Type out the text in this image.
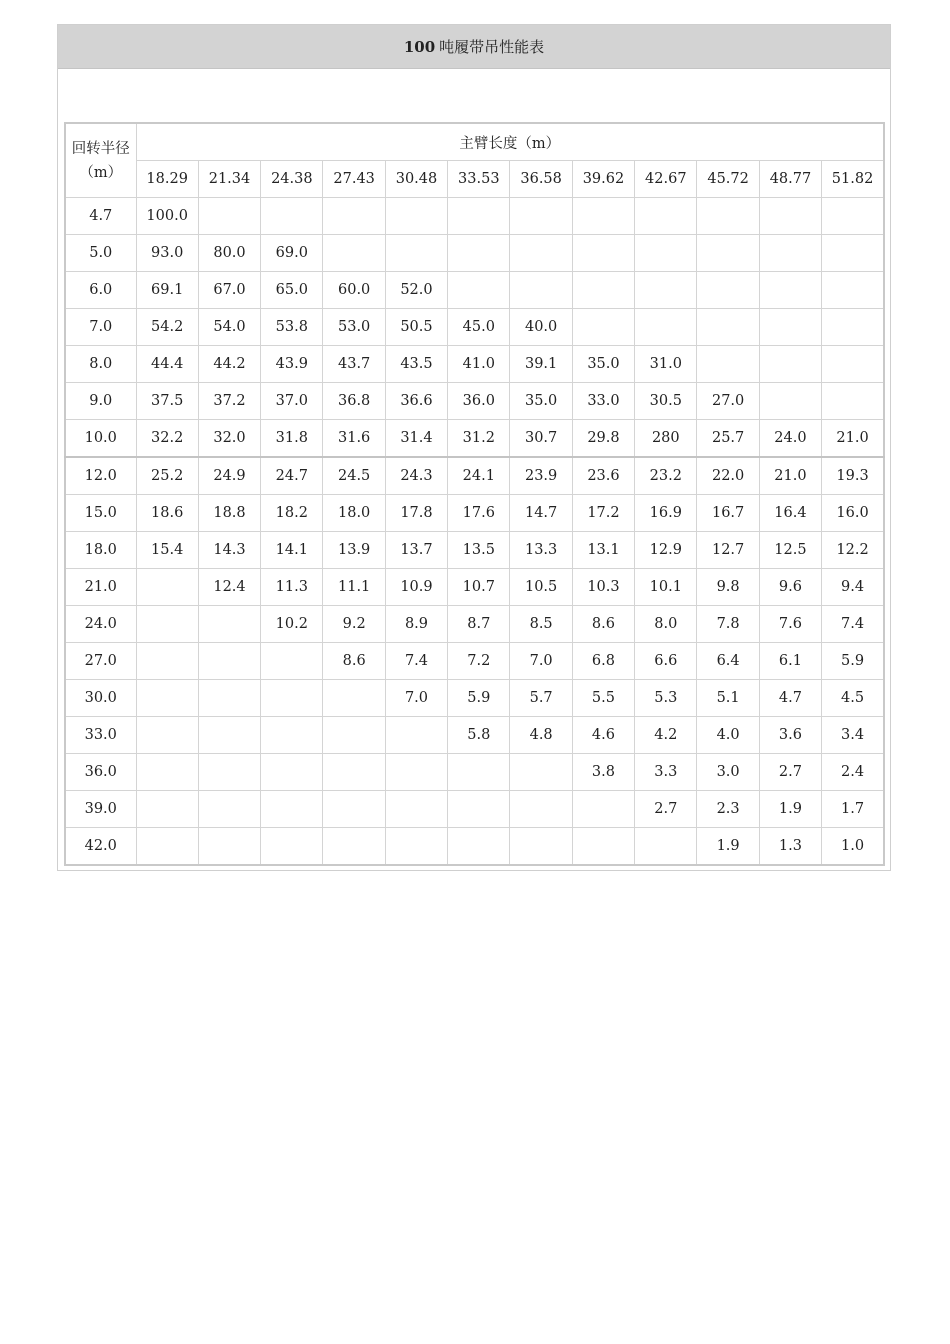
100 吨履带吊性能表
回转半径
（m）	主臂长度（m）											
	18.29	21.34	24.38	27.43	30.48	33.53	36.58	39.62	42.67	45.72	48.77	51.82
4.7	100.0											
5.0	93.0	80.0	69.0									
6.0	69.1	67.0	65.0	60.0	52.0							
7.0	54.2	54.0	53.8	53.0	50.5	45.0	40.0					
8.0	44.4	44.2	43.9	43.7	43.5	41.0	39.1	35.0	31.0			
9.0	37.5	37.2	37.0	36.8	36.6	36.0	35.0	33.0	30.5	27.0		
10.0	32.2	32.0	31.8	31.6	31.4	31.2	30.7	29.8	280	25.7	24.0	21.0
12.0	25.2	24.9	24.7	24.5	24.3	24.1	23.9	23.6	23.2	22.0	21.0	19.3
15.0	18.6	18.8	18.2	18.0	17.8	17.6	14.7	17.2	16.9	16.7	16.4	16.0
18.0	15.4	14.3	14.1	13.9	13.7	13.5	13.3	13.1	12.9	12.7	12.5	12.2
21.0		12.4	11.3	11.1	10.9	10.7	10.5	10.3	10.1	9.8	9.6	9.4
24.0			10.2	9.2	8.9	8.7	8.5	8.6	8.0	7.8	7.6	7.4
27.0				8.6	7.4	7.2	7.0	6.8	6.6	6.4	6.1	5.9
30.0					7.0	5.9	5.7	5.5	5.3	5.1	4.7	4.5
33.0						5.8	4.8	4.6	4.2	4.0	3.6	3.4
36.0								3.8	3.3	3.0	2.7	2.4
39.0									2.7	2.3	1.9	1.7
42.0										1.9	1.3	1.0
